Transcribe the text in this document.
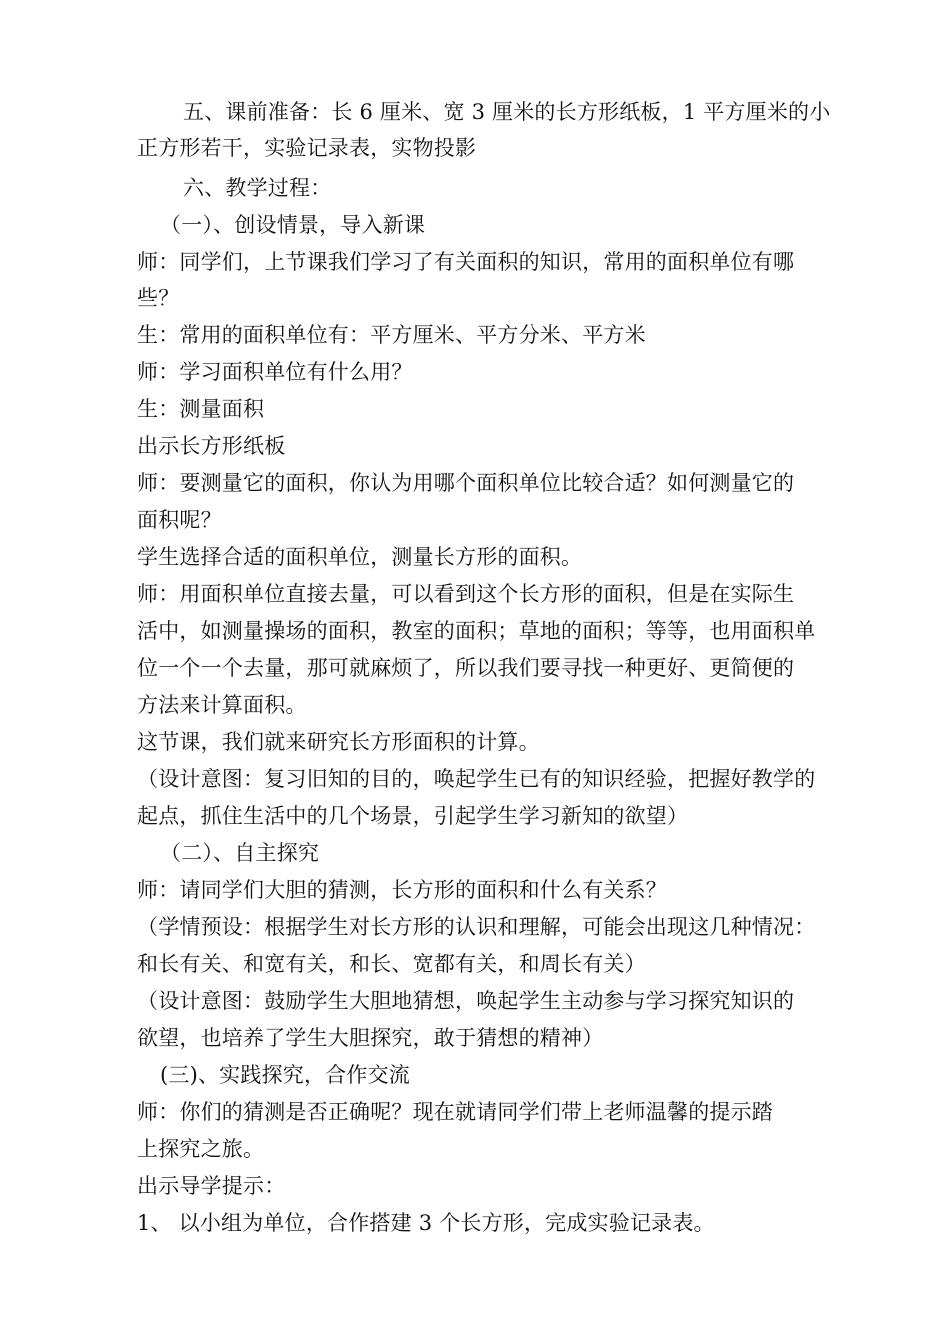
五、课前准备：长 6 厘米、宽 3 厘米的长方形纸板，1 平方厘米的小
正方形若干，实验记录表，实物投影
六、教学过程：
（一）、创设情景，导入新课
师：同学们，上节课我们学习了有关面积的知识，常用的面积单位有哪
些？
生：常用的面积单位有：平方厘米、平方分米、平方米
师：学习面积单位有什么用？
生：测量面积
出示长方形纸板
师：要测量它的面积，你认为用哪个面积单位比较合适？如何测量它的
面积呢？
学生选择合适的面积单位，测量长方形的面积。
师：用面积单位直接去量，可以看到这个长方形的面积，但是在实际生
活中，如测量操场的面积，教室的面积；草地的面积；等等，也用面积单
位一个一个去量，那可就麻烦了，所以我们要寻找一种更好、更简便的
方法来计算面积。
这节课，我们就来研究长方形面积的计算。
（设计意图：复习旧知的目的，唤起学生已有的知识经验，把握好教学的
起点，抓住生活中的几个场景，引起学生学习新知的欲望）
（二）、自主探究
师：请同学们大胆的猜测，长方形的面积和什么有关系？
（学情预设：根据学生对长方形的认识和理解，可能会出现这几种情况：
和长有关、和宽有关，和长、宽都有关，和周长有关）
（设计意图：鼓励学生大胆地猜想，唤起学生主动参与学习探究知识的
欲望，也培养了学生大胆探究，敢于猜想的精神）
(三)、实践探究，合作交流
师：你们的猜测是否正确呢？现在就请同学们带上老师温馨的提示踏
上探究之旅。
出示导学提示：
1、 以小组为单位，合作搭建 3 个长方形，完成实验记录表。
